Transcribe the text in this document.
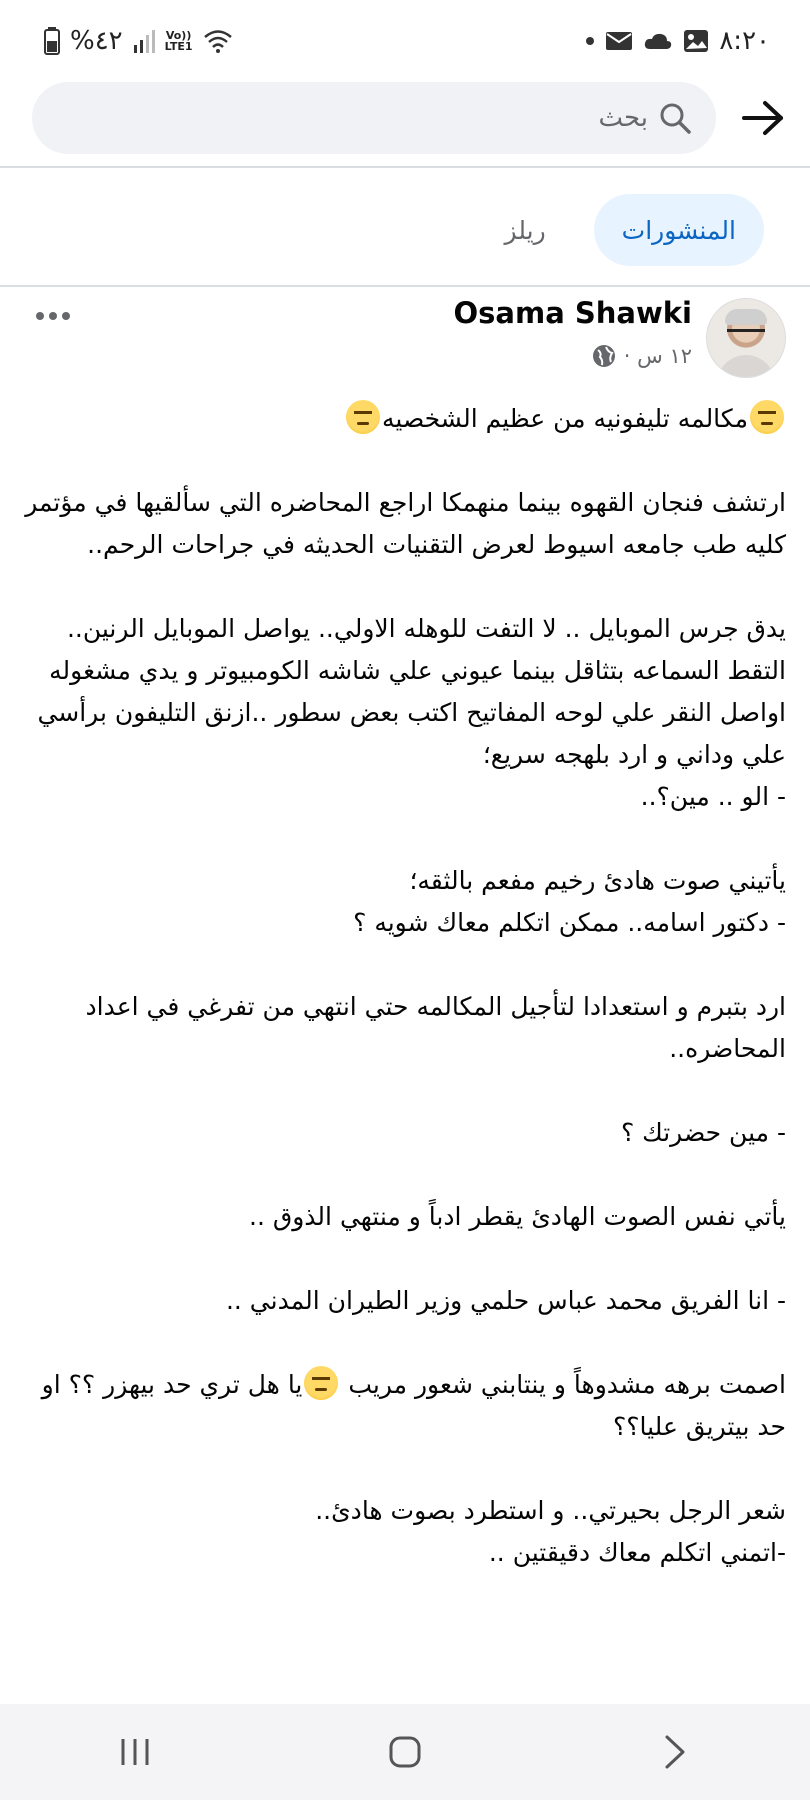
%٤٢	Vo))
LTE1	٨:٢٠
بحث
المنشورات
ريلز
Osama Shawki
١٢ س ·

مكالمه تليفونيه من عظيم الشخصيه

ارتشف فنجان القهوه بينما منهمكا اراجع المحاضره التي سألقيها في مؤتمر كليه طب جامعه اسيوط لعرض التقنيات الحديثه في جراحات الرحم..

يدق جرس الموبايل .. لا التفت للوهله الاولي.. يواصل الموبايل الرنين.. التقط السماعه بتثاقل بينما عيوني علي شاشه الكومبيوتر و يدي مشغوله اواصل النقر علي لوحه المفاتيح اكتب بعض سطور ..ازنق التليفون برأسي علي وداني و ارد بلهجه سريع؛

- الو .. مين؟..

يأتيني صوت هادئ رخيم مفعم بالثقه؛

- دكتور اسامه.. ممكن اتكلم معاك شويه ؟

ارد بتبرم و استعدادا لتأجيل المكالمه حتي انتهي من تفرغي في اعداد المحاضره..

- مين حضرتك ؟

يأتي نفس الصوت الهادئ يقطر ادباً و منتهي الذوق ..

- انا الفريق محمد عباس حلمي وزير الطيران المدني ..

اصمت برهه مشدوهاً و ينتابني شعور مريب يا هل تري حد بيهزر ؟؟ او حد بيتريق عليا؟؟

شعر الرجل بحيرتي.. و استطرد بصوت هادئ..

-اتمني اتكلم معاك دقيقتين ..
